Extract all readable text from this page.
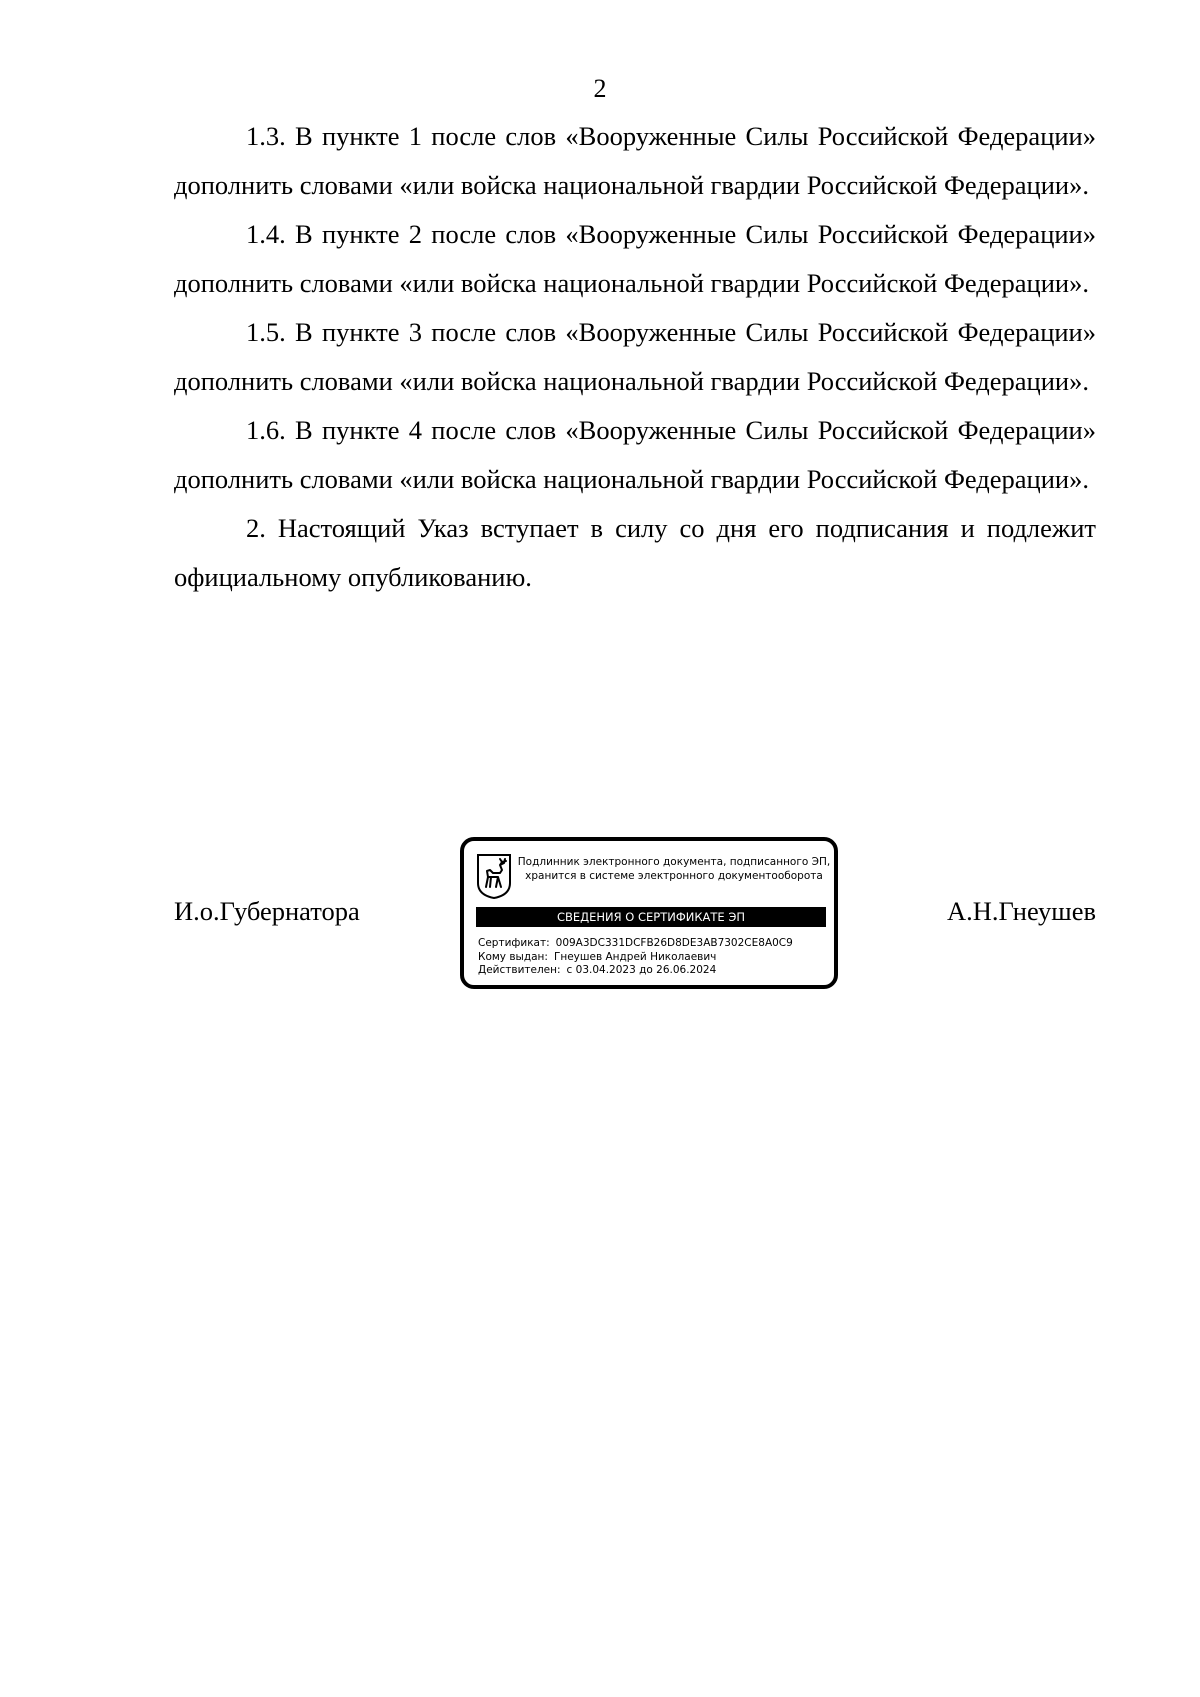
2

1.3. В пункте 1 после слов «Вооруженные Силы Российской Федерации» дополнить словами «или войска национальной гвардии Российской Федерации».

1.4. В пункте 2 после слов «Вооруженные Силы Российской Федерации» дополнить словами «или войска национальной гвардии Российской Федерации».

1.5. В пункте 3 после слов «Вооруженные Силы Российской Федерации» дополнить словами «или войска национальной гвардии Российской Федерации».

1.6. В пункте 4 после слов «Вооруженные Силы Российской Федерации» дополнить словами «или войска национальной гвардии Российской Федерации».

2. Настоящий Указ вступает в силу со дня его подписания и подлежит официальному опубликованию.

И.о.Губернатора
Подлинник электронного документа, подписанного ЭП,
хранится в системе электронного документооборота
СВЕДЕНИЯ О СЕРТИФИКАТЕ ЭП
Сертификат: 009A3DC331DCFB26D8DE3AB7302CE8A0C9
Кому выдан: Гнеушев Андрей Николаевич
Действителен: с 03.04.2023 до 26.06.2024
А.Н.Гнеушев
